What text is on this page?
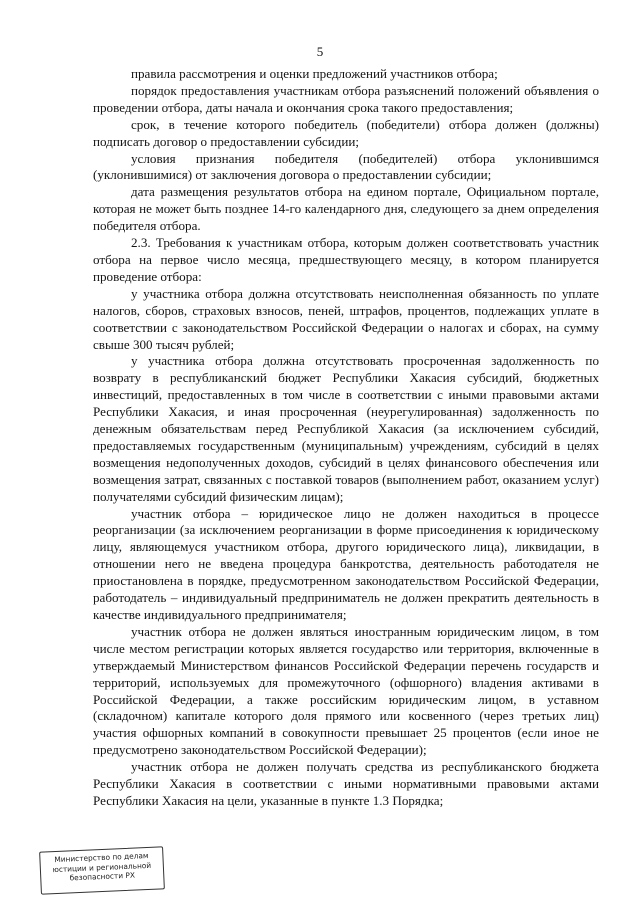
5

правила рассмотрения и оценки предложений участников отбора;

порядок предоставления участникам отбора разъяснений положений объявления о проведении отбора, даты начала и окончания срока такого предоставления;

срок, в течение которого победитель (победители) отбора должен (должны) подписать договор о предоставлении субсидии;

условия признания победителя (победителей) отбора уклонившимся (уклонившимися) от заключения договора о предоставлении субсидии;

дата размещения результатов отбора на едином портале, Официальном портале, которая не может быть позднее 14-го календарного дня, следующего за днем определения победителя отбора.

2.3. Требования к участникам отбора, которым должен соответствовать участник отбора на первое число месяца, предшествующего месяцу, в котором планируется проведение отбора:

у участника отбора должна отсутствовать неисполненная обязанность по уплате налогов, сборов, страховых взносов, пеней, штрафов, процентов, подлежащих уплате в соответствии с законодательством Российской Федерации о налогах и сборах, на сумму свыше 300 тысяч рублей;

у участника отбора должна отсутствовать просроченная задолженность по возврату в республиканский бюджет Республики Хакасия субсидий, бюджетных инвестиций, предоставленных в том числе в соответствии с иными правовыми актами Республики Хакасия, и иная просроченная (неурегулированная) задолженность по денежным обязательствам перед Республикой Хакасия (за исключением субсидий, предоставляемых государственным (муниципальным) учреждениям, субсидий в целях возмещения недополученных доходов, субсидий в целях финансового обеспечения или возмещения затрат, связанных с поставкой товаров (выполнением работ, оказанием услуг) получателями субсидий физическим лицам);

участник отбора – юридическое лицо не должен находиться в процессе реорганизации (за исключением реорганизации в форме присоединения к юридическому лицу, являющемуся участником отбора, другого юридического лица), ликвидации, в отношении него не введена процедура банкротства, деятельность работодателя не приостановлена в порядке, предусмотренном законодательством Российской Федерации, работодатель – индивидуальный предприниматель не должен прекратить деятельность в качестве индивидуального предпринимателя;

участник отбора не должен являться иностранным юридическим лицом, в том числе местом регистрации которых является государство или территория, включенные в утверждаемый Министерством финансов Российской Федерации перечень государств и территорий, используемых для промежуточного (офшорного) владения активами в Российской Федерации, а также российским юридическим лицом, в уставном (складочном) капитале которого доля прямого или косвенного (через третьих лиц) участия офшорных компаний в совокупности превышает 25 процентов (если иное не предусмотрено законодательством Российской Федерации);

участник отбора не должен получать средства из республиканского бюджета Республики Хакасия в соответствии с иными нормативными правовыми актами Республики Хакасия на цели, указанные в пункте 1.3 Порядка;

Министерство по делам
юстиции и региональной
безопасности РХ
